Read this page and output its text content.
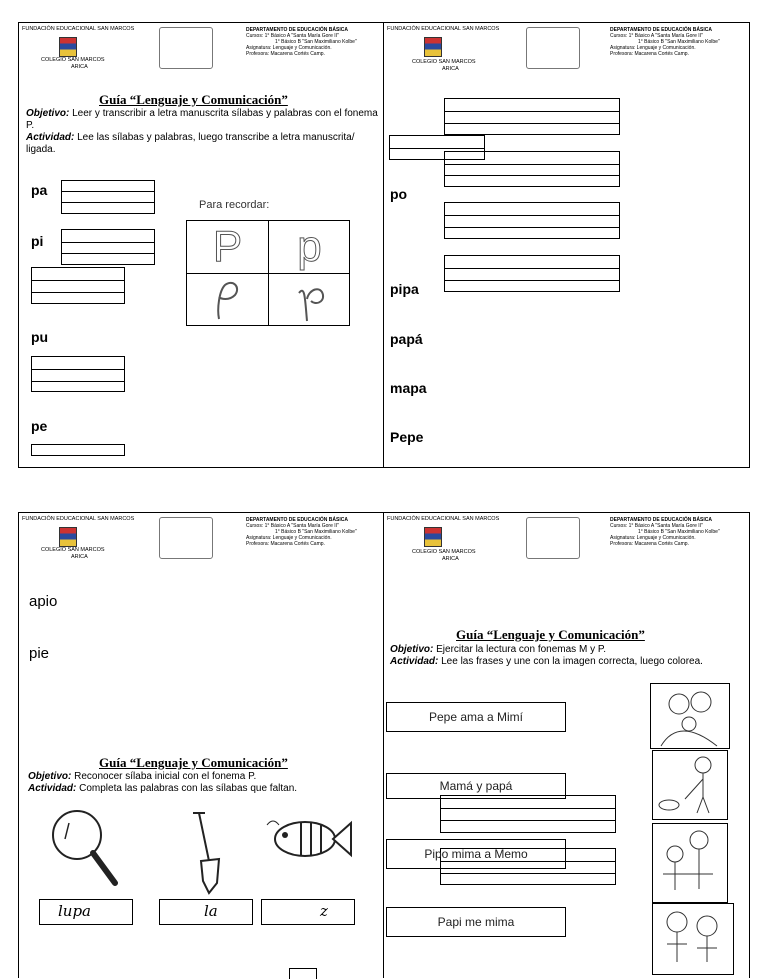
FUNDACIÓN EDUCACIONAL SAN MARCOS
COLEGIO SAN MARCOS
ARICA
DEPARTAMENTO DE EDUCACIÓN BÁSICA
Cursos: 1° Básico A "Santa María Gore II"
1° Básico B "San Maximiliano Kolbe"
Asignatura: Lenguaje y Comunicación.
Profesora: Macarena Cortés Camp.
Guía “Lenguaje y Comunicación”
Objetivo: Leer y transcribir a letra manuscrita sílabas y palabras con el fonema P.
Actividad: Lee las sílabas y palabras, luego transcribe a letra manuscrita/ ligada.
pa
pi
pu
pe
Para recordar:
P	p
FUNDACIÓN EDUCACIONAL SAN MARCOS
COLEGIO SAN MARCOS
ARICA
DEPARTAMENTO DE EDUCACIÓN BÁSICA
Cursos: 1° Básico A "Santa María Gore II"
1° Básico B "San Maximiliano Kolbe"
Asignatura: Lenguaje y Comunicación.
Profesora: Macarena Cortés Camp.
po
pipa
papá
mapa
Pepe
FUNDACIÓN EDUCACIONAL SAN MARCOS
COLEGIO SAN MARCOS
ARICA
DEPARTAMENTO DE EDUCACIÓN BÁSICA
Cursos: 1° Básico A "Santa María Gore II"
1° Básico B "San Maximiliano Kolbe"
Asignatura: Lenguaje y Comunicación.
Profesora: Macarena Cortés Camp.
apio
pie
Guía “Lenguaje y Comunicación”
Objetivo: Reconocer sílaba inicial con el fonema P.
Actividad: Completa las palabras con las sílabas que faltan.
lupa	la	z
FUNDACIÓN EDUCACIONAL SAN MARCOS
COLEGIO SAN MARCOS
ARICA
DEPARTAMENTO DE EDUCACIÓN BÁSICA
Cursos: 1° Básico A "Santa María Gore II"
1° Básico B "San Maximiliano Kolbe"
Asignatura: Lenguaje y Comunicación.
Profesora: Macarena Cortés Camp.
Guía “Lenguaje y Comunicación”
Objetivo: Ejercitar la lectura con fonemas M y P.
Actividad: Lee las frases y une con la imagen correcta, luego colorea.
Pepe ama a Mimí
Mamá y papá
Pipo mima a Memo
Papi me mima
